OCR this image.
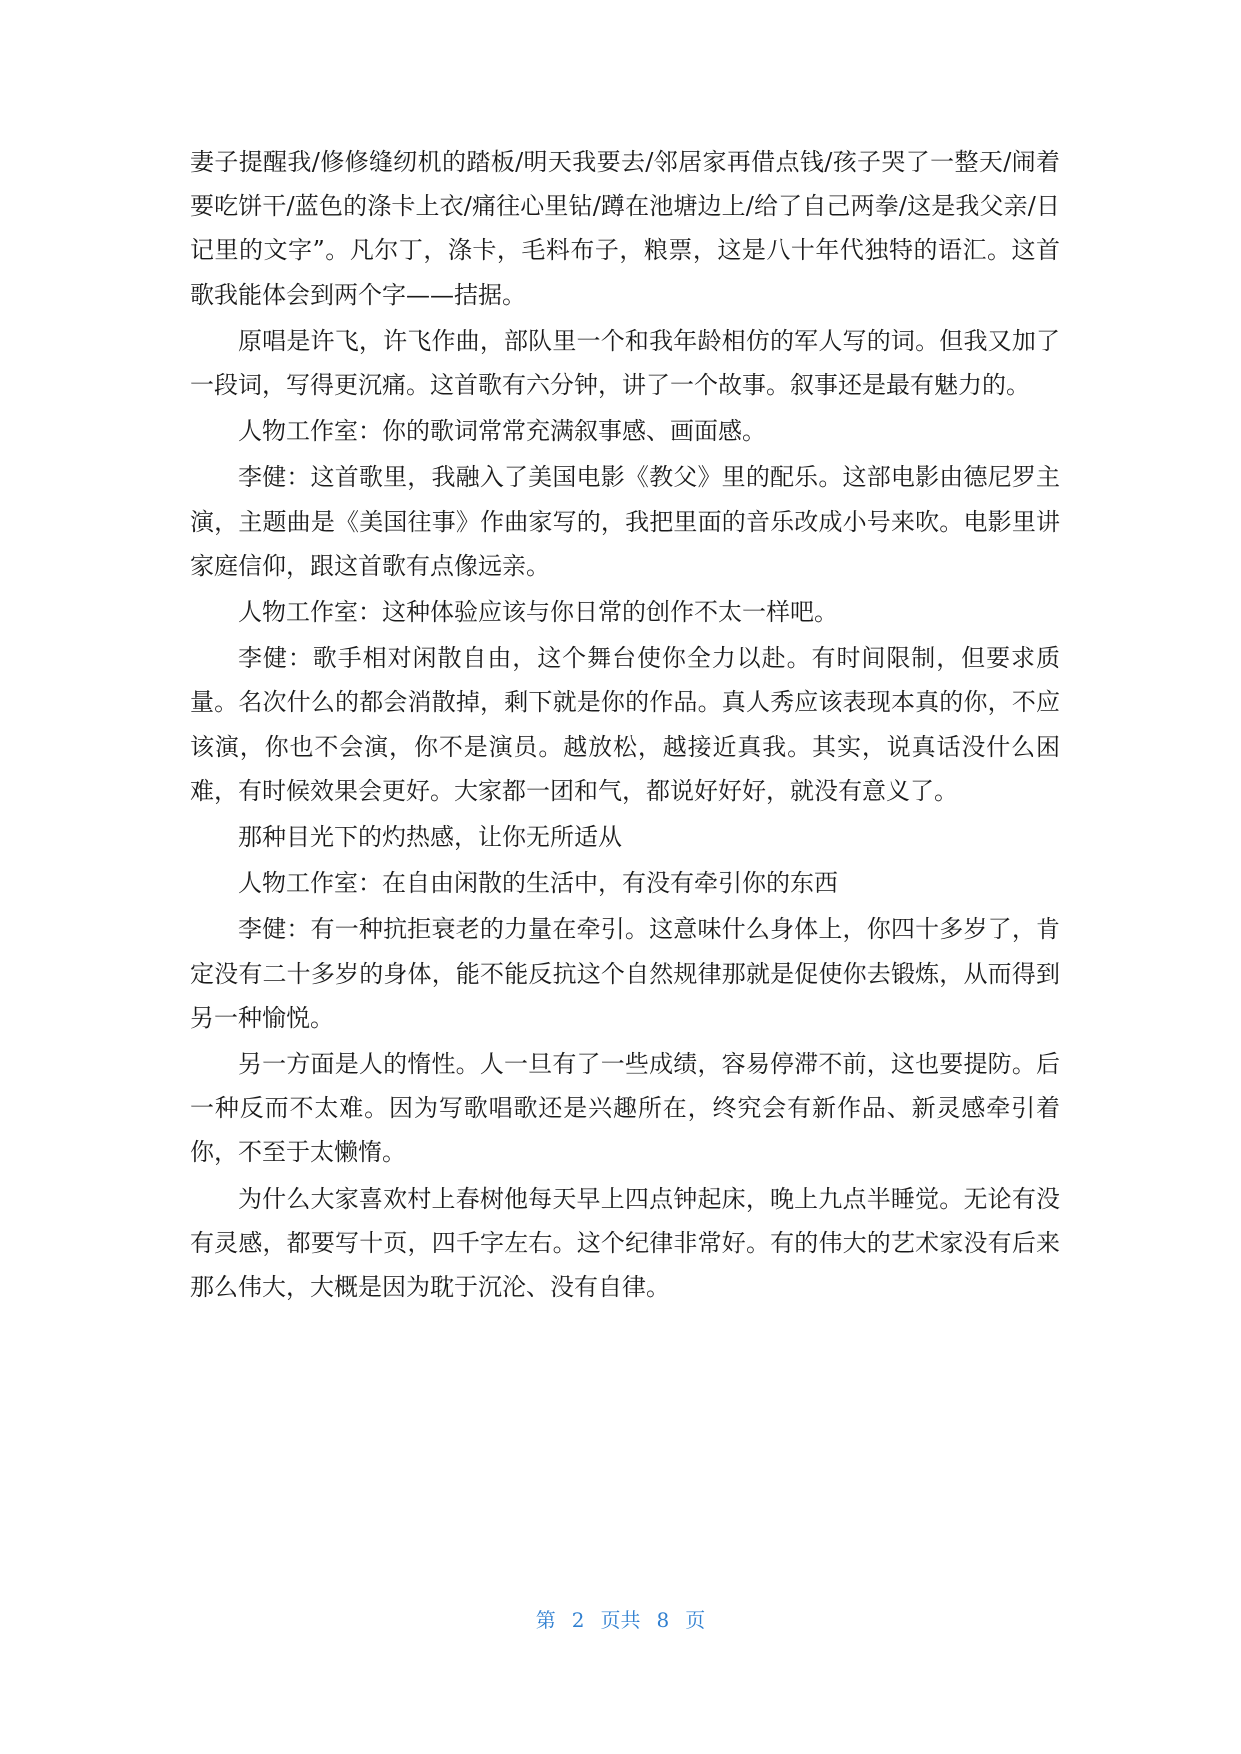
妻子提醒我/修修缝纫机的踏板/明天我要去/邻居家再借点钱/孩子哭了一整天/闹着要吃饼干/蓝色的涤卡上衣/痛往心里钻/蹲在池塘边上/给了自己两拳/这是我父亲/日记里的文字”。凡尔丁，涤卡，毛料布子，粮票，这是八十年代独特的语汇。这首歌我能体会到两个字——拮据。

原唱是许飞，许飞作曲，部队里一个和我年龄相仿的军人写的词。但我又加了一段词，写得更沉痛。这首歌有六分钟，讲了一个故事。叙事还是最有魅力的。

人物工作室：你的歌词常常充满叙事感、画面感。

李健：这首歌里，我融入了美国电影《教父》里的配乐。这部电影由德尼罗主演，主题曲是《美国往事》作曲家写的，我把里面的音乐改成小号来吹。电影里讲家庭信仰，跟这首歌有点像远亲。

人物工作室：这种体验应该与你日常的创作不太一样吧。

李健：歌手相对闲散自由，这个舞台使你全力以赴。有时间限制，但要求质量。名次什么的都会消散掉，剩下就是你的作品。真人秀应该表现本真的你，不应该演，你也不会演，你不是演员。越放松，越接近真我。其实，说真话没什么困难，有时候效果会更好。大家都一团和气，都说好好好，就没有意义了。

那种目光下的灼热感，让你无所适从

人物工作室：在自由闲散的生活中，有没有牵引你的东西

李健：有一种抗拒衰老的力量在牵引。这意味什么身体上，你四十多岁了，肯定没有二十多岁的身体，能不能反抗这个自然规律那就是促使你去锻炼，从而得到另一种愉悦。

另一方面是人的惰性。人一旦有了一些成绩，容易停滞不前，这也要提防。后一种反而不太难。因为写歌唱歌还是兴趣所在，终究会有新作品、新灵感牵引着你，不至于太懒惰。

为什么大家喜欢村上春树他每天早上四点钟起床，晚上九点半睡觉。无论有没有灵感，都要写十页，四千字左右。这个纪律非常好。有的伟大的艺术家没有后来那么伟大，大概是因为耽于沉沦、没有自律。

第 2 页共 8 页
